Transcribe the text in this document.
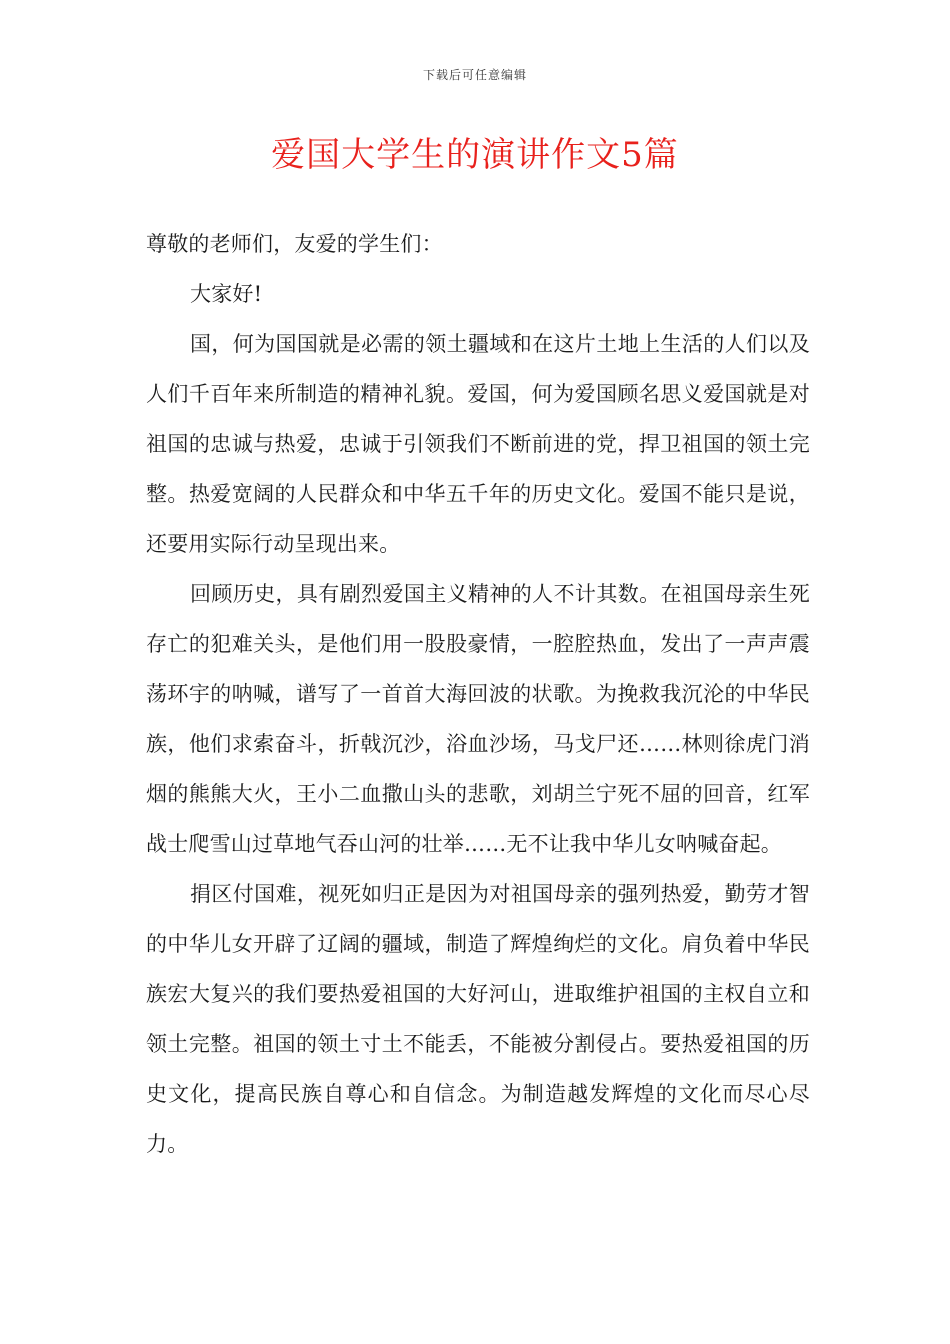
下载后可任意编辑
爱国大学生的演讲作文5篇

尊敬的老师们，友爱的学生们：

大家好!

国，何为国国就是必需的领土疆域和在这片土地上生活的人们以及人们千百年来所制造的精神礼貌。爱国，何为爱国顾名思义爱国就是对祖国的忠诚与热爱，忠诚于引领我们不断前进的党，捍卫祖国的领土完整。热爱宽阔的人民群众和中华五千年的历史文化。爱国不能只是说，还要用实际行动呈现出来。

回顾历史，具有剧烈爱国主义精神的人不计其数。在祖国母亲生死存亡的犯难关头，是他们用一股股豪情，一腔腔热血，发出了一声声震荡环宇的呐喊，谱写了一首首大海回波的状歌。为挽救我沉沦的中华民族，他们求索奋斗，折戟沉沙，浴血沙场，马戈尸还……林则徐虎门消烟的熊熊大火，王小二血撒山头的悲歌，刘胡兰宁死不屈的回音，红军战士爬雪山过草地气吞山河的壮举……无不让我中华儿女呐喊奋起。

捐区付国难，视死如归正是因为对祖国母亲的强列热爱，勤劳才智的中华儿女开辟了辽阔的疆域，制造了辉煌绚烂的文化。肩负着中华民族宏大复兴的我们要热爱祖国的大好河山，进取维护祖国的主权自立和领土完整。祖国的领土寸土不能丢，不能被分割侵占。要热爱祖国的历史文化，提高民族自尊心和自信念。为制造越发辉煌的文化而尽心尽力。
